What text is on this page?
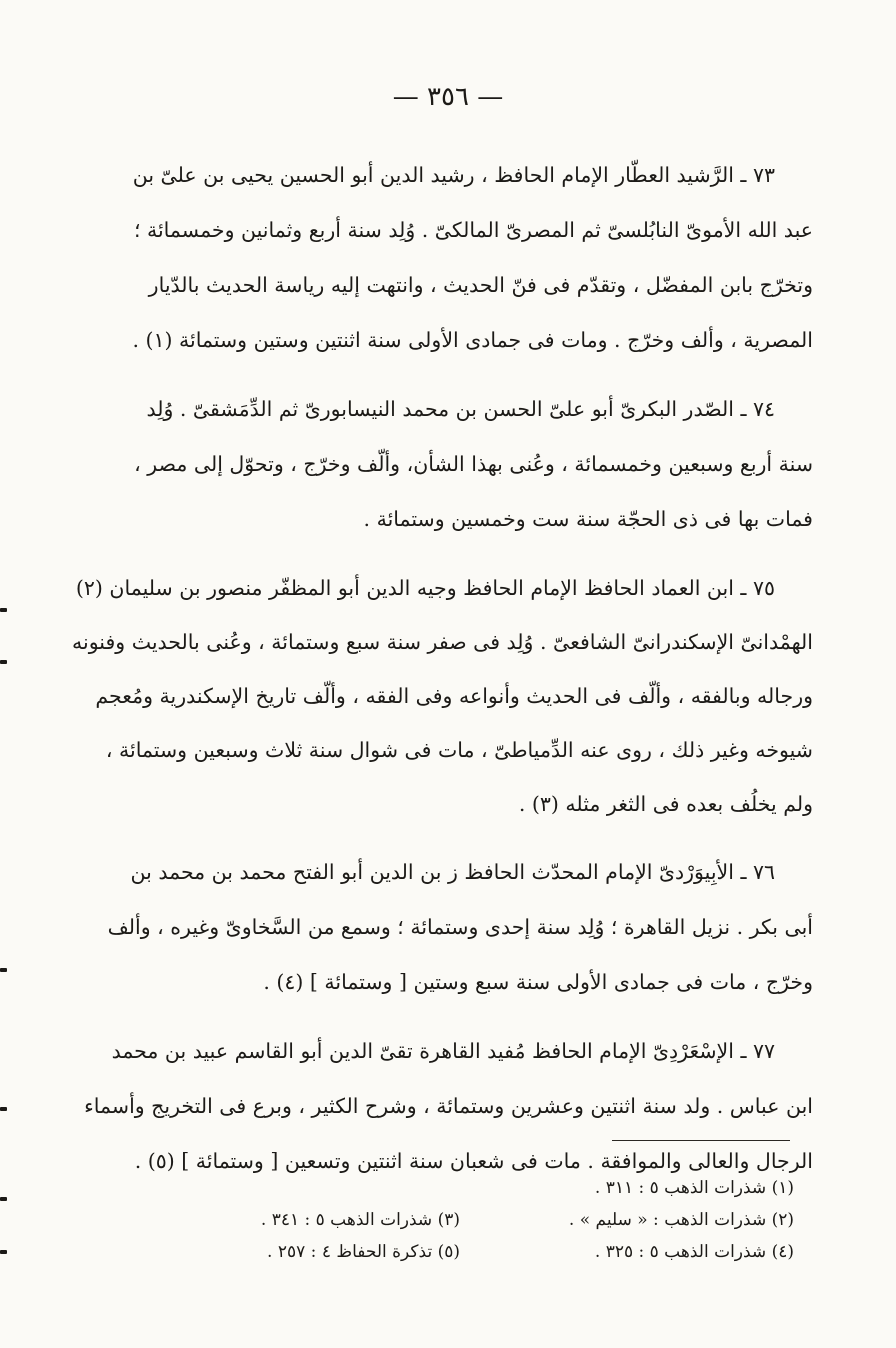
— ٣٥٦ —
٧٣ ـ الرَّشيد العطّار الإمام الحافظ ، رشيد الدين أبو الحسين يحيى بن علىّ بن
عبد الله الأموىّ النابُلسىّ ثم المصرىّ المالكىّ . وُلِد سنة أربع وثمانين وخمسمائة ؛
وتخرّج بابن المفضّل ، وتقدّم فى فنّ الحديث ، وانتهت إليه رياسة الحديث بالدّيار
المصرية ، وألف وخرّج . ومات فى جمادى الأولى سنة اثنتين وستين وستمائة (١) .
٧٤ ـ الصّدر البكرىّ أبو علىّ الحسن بن محمد النيسابورىّ ثم الدِّمَشقىّ . وُلِد
سنة أربع وسبعين وخمسمائة ، وعُنى بهذا الشأن، وألّف وخرّج ، وتحوّل إلى مصر ،
فمات بها فى ذى الحجّة سنة ست وخمسين وستمائة .
٧٥ ـ ابن العماد الحافظ الإمام الحافظ وجيه الدين أبو المظفّر منصور بن سليمان (٢)
الهمْدانىّ الإسكندرانىّ الشافعىّ . وُلِد فى صفر سنة سبع وستمائة ، وعُنى بالحديث وفنونه
ورجاله وبالفقه ، وألّف فى الحديث وأنواعه وفى الفقه ، وألّف تاريخ الإسكندرية ومُعجم
شيوخه وغير ذلك ، روى عنه الدِّمياطىّ ، مات فى شوال سنة ثلاث وسبعين وستمائة ،
ولم يخلُف بعده فى الثغر مثله (٣) .
٧٦ ـ الأبِيوَرْدىّ الإمام المحدّث الحافظ ز بن الدين أبو الفتح محمد بن محمد بن
أبى بكر . نزيل القاهرة ؛ وُلِد سنة إحدى وستمائة ؛ وسمع من السَّخاوىّ وغيره ، وألف
وخرّج ، مات فى جمادى الأولى سنة سبع وستين [ وستمائة ] (٤) .
٧٧ ـ الإسْعَرْدِىّ الإمام الحافظ مُفيد القاهرة تقىّ الدين أبو القاسم عبيد بن محمد
ابن عباس . ولد سنة اثنتين وعشرين وستمائة ، وشرح الكثير ، وبرع فى التخريج وأسماء
الرجال والعالى والموافقة . مات فى شعبان سنة اثنتين وتسعين [ وستمائة ] (٥) .
(١) شذرات الذهب ٥ : ٣١١ .
(٢) شذرات الذهب : « سليم » .
(٣) شذرات الذهب ٥ : ٣٤١ .
(٤) شذرات الذهب ٥ : ٣٢٥ .
(٥) تذكرة الحفاظ ٤ : ٢٥٧ .
